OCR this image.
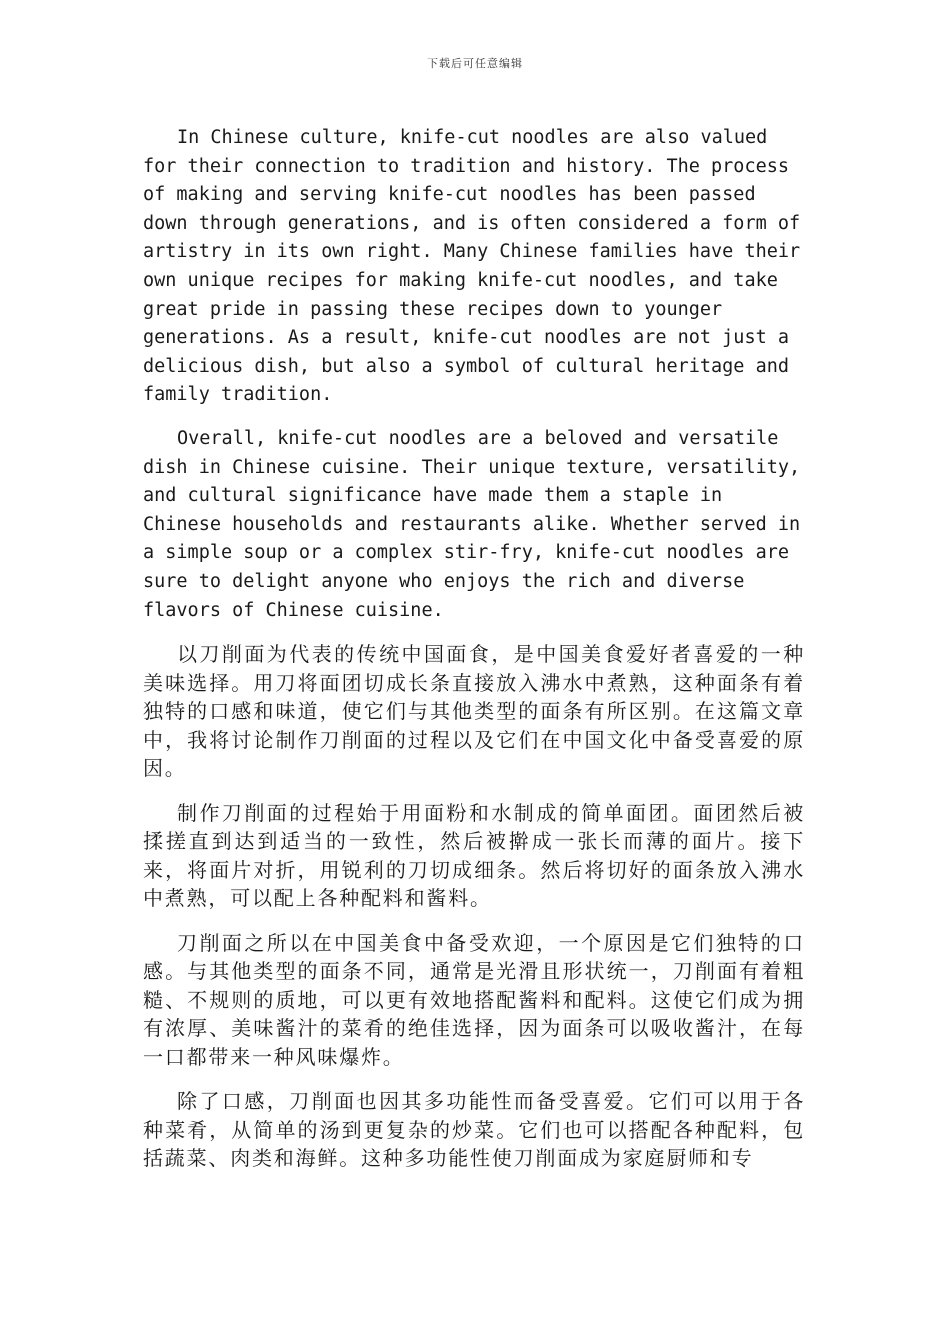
下载后可任意编辑

In Chinese culture, knife-cut noodles are also valued for their connection to tradition and history. The process of making and serving knife-cut noodles has been passed down through generations, and is often considered a form of artistry in its own right. Many Chinese families have their own unique recipes for making knife-cut noodles, and take great pride in passing these recipes down to younger generations. As a result, knife-cut noodles are not just a delicious dish, but also a symbol of cultural heritage and family tradition.

Overall, knife-cut noodles are a beloved and versatile dish in Chinese cuisine. Their unique texture, versatility, and cultural significance have made them a staple in Chinese households and restaurants alike. Whether served in a simple soup or a complex stir-fry, knife-cut noodles are sure to delight anyone who enjoys the rich and diverse flavors of Chinese cuisine.

以刀削面为代表的传统中国面食，是中国美食爱好者喜爱的一种美味选择。用刀将面团切成长条直接放入沸水中煮熟，这种面条有着独特的口感和味道，使它们与其他类型的面条有所区别。在这篇文章中，我将讨论制作刀削面的过程以及它们在中国文化中备受喜爱的原因。

制作刀削面的过程始于用面粉和水制成的简单面团。面团然后被揉搓直到达到适当的一致性，然后被擀成一张长而薄的面片。接下来，将面片对折，用锐利的刀切成细条。然后将切好的面条放入沸水中煮熟，可以配上各种配料和酱料。

刀削面之所以在中国美食中备受欢迎，一个原因是它们独特的口感。与其他类型的面条不同，通常是光滑且形状统一，刀削面有着粗糙、不规则的质地，可以更有效地搭配酱料和配料。这使它们成为拥有浓厚、美味酱汁的菜肴的绝佳选择，因为面条可以吸收酱汁，在每一口都带来一种风味爆炸。

除了口感，刀削面也因其多功能性而备受喜爱。它们可以用于各种菜肴，从简单的汤到更复杂的炒菜。它们也可以搭配各种配料，包括蔬菜、肉类和海鲜。这种多功能性使刀削面成为家庭厨师和专
